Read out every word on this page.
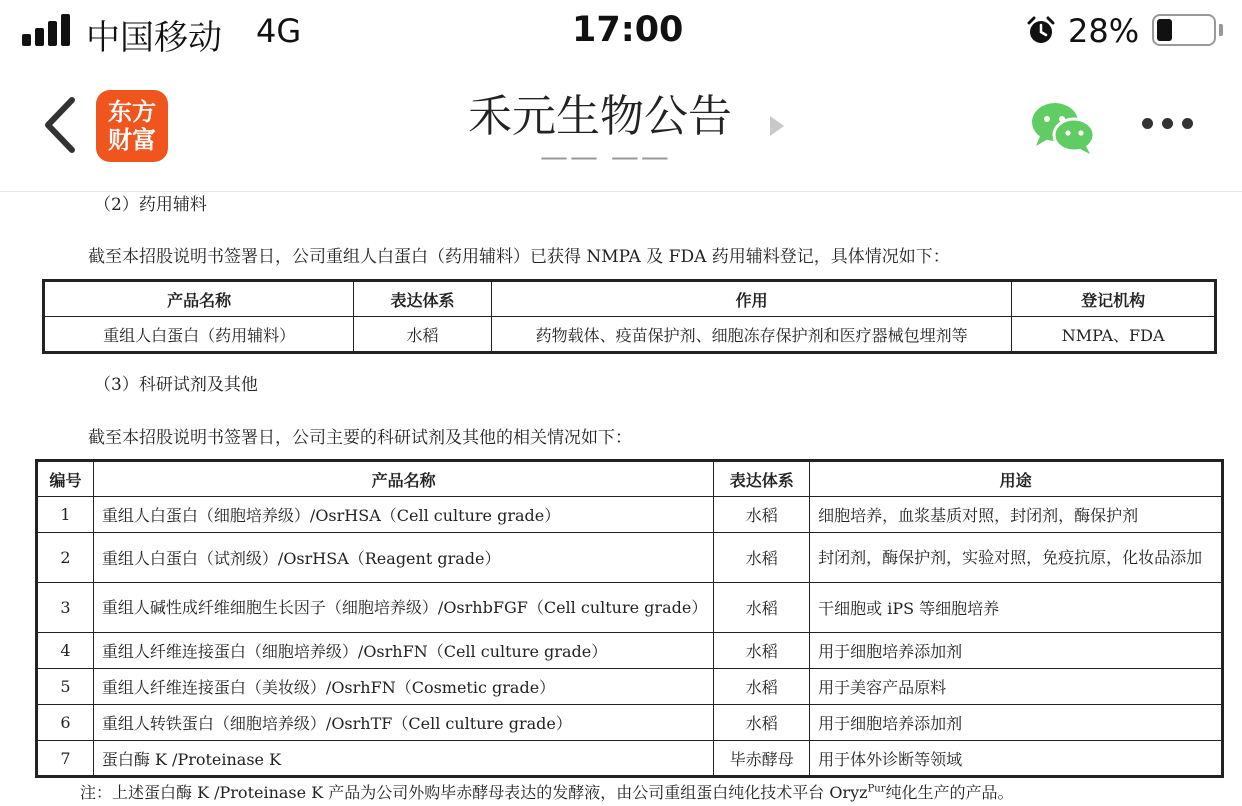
中国移动 4G	17:00	28%
东方
财富	禾元生物公告
—— ——
（2）药用辅料
截至本招股说明书签署日，公司重组人白蛋白（药用辅料）已获得 NMPA 及 FDA 药用辅料登记，具体情况如下：
产品名称	表达体系	作用	登记机构
重组人白蛋白（药用辅料）	水稻	药物载体、疫苗保护剂、细胞冻存保护剂和医疗器械包埋剂等	NMPA、FDA
（3）科研试剂及其他
截至本招股说明书签署日，公司主要的科研试剂及其他的相关情况如下：
编号	产品名称	表达体系	用途
1	重组人白蛋白（细胞培养级）/OsrHSA（Cell culture grade）	水稻	细胞培养，血浆基质对照，封闭剂，酶保护剂
2	重组人白蛋白（试剂级）/OsrHSA（Reagent grade）	水稻	封闭剂，酶保护剂，实验对照，免疫抗原，化妆品添加
3	重组人碱性成纤维细胞生长因子（细胞培养级）/OsrhbFGF（Cell culture grade）	水稻	干细胞或 iPS 等细胞培养
4	重组人纤维连接蛋白（细胞培养级）/OsrhFN（Cell culture grade）	水稻	用于细胞培养添加剂
5	重组人纤维连接蛋白（美妆级）/OsrhFN（Cosmetic grade）	水稻	用于美容产品原料
6	重组人转铁蛋白（细胞培养级）/OsrhTF（Cell culture grade）	水稻	用于细胞培养添加剂
7	蛋白酶 K /Proteinase K	毕赤酵母	用于体外诊断等领域
注：上述蛋白酶 K /Proteinase K 产品为公司外购毕赤酵母表达的发酵液，由公司重组蛋白纯化技术平台 Oryz$^{Pur}$纯化生产的产品。
